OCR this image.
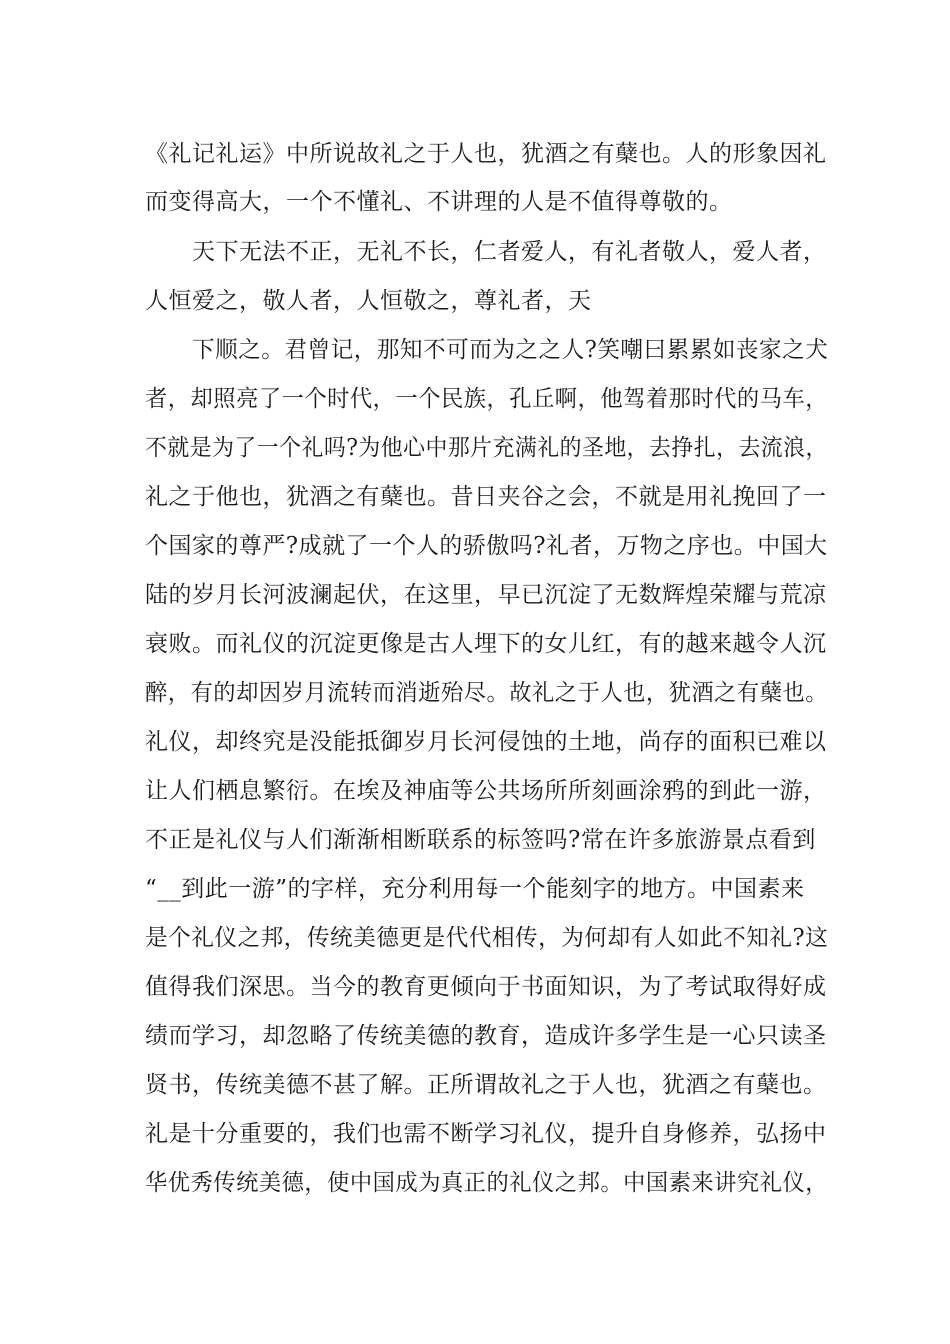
《礼记礼运》中所说故礼之于人也，犹酒之有蘖也。人的形象因礼
而变得高大，一个不懂礼、不讲理的人是不值得尊敬的。
天下无法不正，无礼不长，仁者爱人，有礼者敬人，爱人者，
人恒爱之，敬人者，人恒敬之，尊礼者，天
下顺之。君曾记，那知不可而为之之人?笑嘲曰累累如丧家之犬
者，却照亮了一个时代，一个民族，孔丘啊，他驾着那时代的马车，
不就是为了一个礼吗?为他心中那片充满礼的圣地，去挣扎，去流浪，
礼之于他也，犹酒之有蘖也。昔日夹谷之会，不就是用礼挽回了一
个国家的尊严?成就了一个人的骄傲吗?礼者，万物之序也。中国大
陆的岁月长河波澜起伏，在这里，早已沉淀了无数辉煌荣耀与荒凉
衰败。而礼仪的沉淀更像是古人埋下的女儿红，有的越来越令人沉
醉，有的却因岁月流转而消逝殆尽。故礼之于人也，犹酒之有蘖也。
礼仪，却终究是没能抵御岁月长河侵蚀的土地，尚存的面积已难以
让人们栖息繁衍。在埃及神庙等公共场所所刻画涂鸦的到此一游，
不正是礼仪与人们渐渐相断联系的标签吗?常在许多旅游景点看到
“__到此一游”的字样，充分利用每一个能刻字的地方。中国素来
是个礼仪之邦，传统美德更是代代相传，为何却有人如此不知礼?这
值得我们深思。当今的教育更倾向于书面知识，为了考试取得好成
绩而学习，却忽略了传统美德的教育，造成许多学生是一心只读圣
贤书，传统美德不甚了解。正所谓故礼之于人也，犹酒之有蘖也。
礼是十分重要的，我们也需不断学习礼仪，提升自身修养，弘扬中
华优秀传统美德，使中国成为真正的礼仪之邦。中国素来讲究礼仪，
